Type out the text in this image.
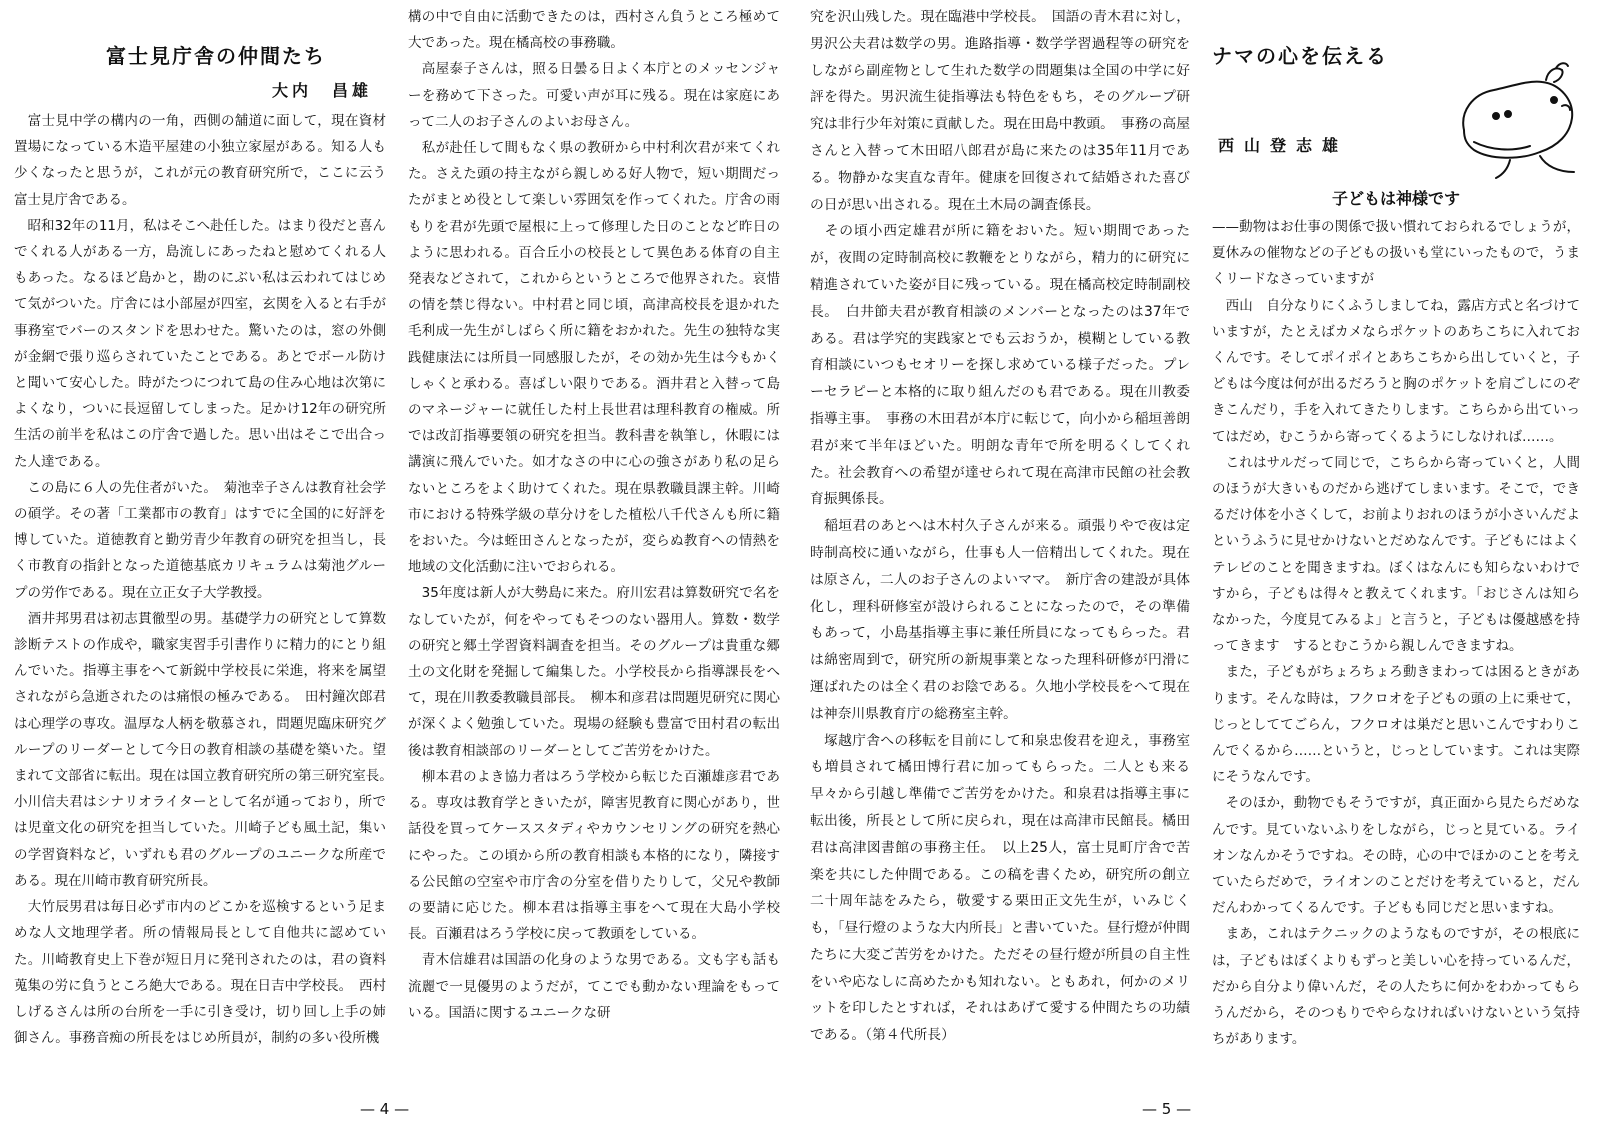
富士見庁舎の仲間たち
大内　昌雄

　富士見中学の構内の一角，西側の舗道に面して，現在資材置場になっている木造平屋建の小独立家屋がある。知る人も少くなったと思うが，これが元の教育研究所で，ここに云う富士見庁舎である。

　昭和32年の11月，私はそこへ赴任した。はまり役だと喜んでくれる人がある一方，島流しにあったねと慰めてくれる人もあった。なるほど島かと，勘のにぶい私は云われてはじめて気がついた。庁舎には小部屋が四室，玄関を入ると右手が事務室でバーのスタンドを思わせた。驚いたのは，窓の外側が金網で張り巡らされていたことである。あとでボール防けと聞いて安心した。時がたつにつれて島の住み心地は次第によくなり，ついに長逗留してしまった。足かけ12年の研究所生活の前半を私はこの庁舎で過した。思い出はそこで出合った人達である。

　この島に６人の先住者がいた。　菊池幸子さんは教育社会学の碩学。その著「工業都市の教育」はすでに全国的に好評を博していた。道徳教育と勤労青少年教育の研究を担当し，長く市教育の指針となった道徳基底カリキュラムは菊池グループの労作である。現在立正女子大学教授。

　酒井邦男君は初志貫徹型の男。基礎学力の研究として算数診断テストの作成や，職家実習手引書作りに精力的にとり組んでいた。指導主事をへて新鋭中学校長に栄進，将来を属望されながら急逝されたのは痛恨の極みである。　田村鐘次郎君は心理学の専攻。温厚な人柄を敬慕され，問題児臨床研究グループのリーダーとして今日の教育相談の基礎を築いた。望まれて文部省に転出。現在は国立教育研究所の第三研究室長。　小川信夫君はシナリオライターとして名が通っており，所では児童文化の研究を担当していた。川崎子ども風土記，集いの学習資料など，いずれも君のグループのユニークな所産である。現在川崎市教育研究所長。

　大竹辰男君は毎日必ず市内のどこかを巡検するという足まめな人文地理学者。所の情報局長として自他共に認めていた。川崎教育史上下巻が短日月に発刊されたのは，君の資料蒐集の労に負うところ絶大である。現在日吉中学校長。　西村しげるさんは所の台所を一手に引き受け，切り回し上手の姉御さん。事務音痴の所長をはじめ所員が，制約の多い役所機

構の中で自由に活動できたのは，西村さん負うところ極めて大であった。現在橘高校の事務職。

　高屋泰子さんは，照る日曇る日よく本庁とのメッセンジャーを務めて下さった。可愛い声が耳に残る。現在は家庭にあって二人のお子さんのよいお母さん。

　私が赴任して間もなく県の教研から中村利次君が来てくれた。さえた頭の持主ながら親しめる好人物で，短い期間だったがまとめ役として楽しい雰囲気を作ってくれた。庁舎の雨もりを君が先頭で屋根に上って修理した日のことなど昨日のように思われる。百合丘小の校長として異色ある体育の自主発表などされて，これからというところで他界された。哀惜の情を禁じ得ない。中村君と同じ頃，高津高校長を退かれた毛利成一先生がしばらく所に籍をおかれた。先生の独特な実践健康法には所員一同感服したが，その効か先生は今もかくしゃくと承わる。喜ばしい限りである。酒井君と入替って島のマネージャーに就任した村上長世君は理科教育の権威。所では改訂指導要領の研究を担当。教科書を執筆し，休暇には講演に飛んでいた。如才なさの中に心の強さがあり私の足らないところをよく助けてくれた。現在県教職員課主幹。川崎市における特殊学級の草分けをした植松八千代さんも所に籍をおいた。今は蛭田さんとなったが，変らぬ教育への情熱を地域の文化活動に注いでおられる。

　35年度は新人が大勢島に来た。府川宏君は算数研究で名をなしていたが，何をやってもそつのない器用人。算数・数学の研究と郷土学習資料調査を担当。そのグループは貴重な郷土の文化財を発掘して編集した。小学校長から指導課長をへて，現在川教委教職員部長。　柳本和彦君は問題児研究に関心が深くよく勉強していた。現場の経験も豊富で田村君の転出後は教育相談部のリーダーとしてご苦労をかけた。

　柳本君のよき協力者はろう学校から転じた百瀬雄彦君である。専攻は教育学ときいたが，障害児教育に関心があり，世話役を買ってケーススタディやカウンセリングの研究を熱心にやった。この頃から所の教育相談も本格的になり，隣接する公民館の空室や市庁舎の分室を借りたりして，父兄や教師の要請に応じた。柳本君は指導主事をへて現在大島小学校長。百瀬君はろう学校に戻って教頭をしている。

　青木信雄君は国語の化身のような男である。文も字も話も流麗で一見優男のようだが，てこでも動かない理論をもっている。国語に関するユニークな研

— 4 —

究を沢山残した。現在臨港中学校長。　国語の青木君に対し，男沢公夫君は数学の男。進路指導・数学学習過程等の研究をしながら副産物として生れた数学の問題集は全国の中学に好評を得た。男沢流生徒指導法も特色をもち，そのグループ研究は非行少年対策に貢献した。現在田島中教頭。　事務の高屋さんと入替って木田昭八郎君が島に来たのは35年11月である。物静かな実直な青年。健康を回復されて結婚された喜びの日が思い出される。現在土木局の調査係長。

　その頃小西定雄君が所に籍をおいた。短い期間であったが，夜間の定時制高校に教鞭をとりながら，精力的に研究に精進されていた姿が目に残っている。現在橘高校定時制副校長。　白井節夫君が教育相談のメンバーとなったのは37年である。君は学究的実践家とでも云おうか，模糊としている教育相談にいつもセオリーを探し求めている様子だった。プレーセラピーと本格的に取り組んだのも君である。現在川教委指導主事。　事務の木田君が本庁に転じて，向小から稲垣善朗君が来て半年ほどいた。明朗な青年で所を明るくしてくれた。社会教育への希望が達せられて現在高津市民館の社会教育振興係長。

　稲垣君のあとへは木村久子さんが来る。頑張りやで夜は定時制高校に通いながら，仕事も人一倍精出してくれた。現在は原さん，二人のお子さんのよいママ。　新庁舎の建設が具体化し，理科研修室が設けられることになったので，その準備もあって，小島基指導主事に兼任所員になってもらった。君は綿密周到で，研究所の新規事業となった理科研修が円滑に運ばれたのは全く君のお陰である。久地小学校長をへて現在は神奈川県教育庁の総務室主幹。

　塚越庁舎への移転を目前にして和泉忠俊君を迎え，事務室も増員されて橘田博行君に加ってもらった。二人とも来る早々から引越し準備でご苦労をかけた。和泉君は指導主事に転出後，所長として所に戻られ，現在は高津市民館長。橘田君は高津図書館の事務主任。　以上25人，富士見町庁舎で苦楽を共にした仲間である。この稿を書くため，研究所の創立二十周年誌をみたら，敬愛する栗田正文先生が，いみじくも，「昼行燈のような大内所長」と書いていた。昼行燈が仲間たちに大変ご苦労をかけた。ただその昼行燈が所員の自主性をいや応なしに高めたかも知れない。ともあれ，何かのメリットを印したとすれば，それはあげて愛する仲間たちの功績である。（第４代所長）

ナマの心を伝える
西山登志雄
子どもは神様です

——動物はお仕事の関係で扱い慣れておられるでしょうが，夏休みの催物などの子どもの扱いも堂にいったもので，うまくリードなさっていますが

　西山　自分なりにくふうしましてね，露店方式と名づけていますが，たとえばカメならポケットのあちこちに入れておくんです。そしてポイポイとあちこちから出していくと，子どもは今度は何が出るだろうと胸のポケットを肩ごしにのぞきこんだり，手を入れてきたりします。こちらから出ていってはだめ，むこうから寄ってくるようにしなければ……。

　これはサルだって同じで，こちらから寄っていくと，人間のほうが大きいものだから逃げてしまいます。そこで，できるだけ体を小さくして，お前よりおれのほうが小さいんだよというふうに見せかけないとだめなんです。子どもにはよくテレビのことを聞きますね。ぼくはなんにも知らないわけですから，子どもは得々と教えてくれます。「おじさんは知らなかった，今度見てみるよ」と言うと，子どもは優越感を持ってきます　するとむこうから親しんできますね。

　また，子どもがちょろちょろ動きまわっては困るときがあります。そんな時は，フクロオを子どもの頭の上に乗せて，じっとしててごらん，フクロオは巣だと思いこんですわりこんでくるから……というと，じっとしています。これは実際にそうなんです。

　そのほか，動物でもそうですが，真正面から見たらだめなんです。見ていないふりをしながら，じっと見ている。ライオンなんかそうですね。その時，心の中でほかのことを考えていたらだめで，ライオンのことだけを考えていると，だんだんわかってくるんです。子どもも同じだと思いますね。

　まあ，これはテクニックのようなものですが，その根底には，子どもはぼくよりもずっと美しい心を持っているんだ，だから自分より偉いんだ，その人たちに何かをわかってもらうんだから，そのつもりでやらなければいけないという気持ちがあります。

— 5 —
